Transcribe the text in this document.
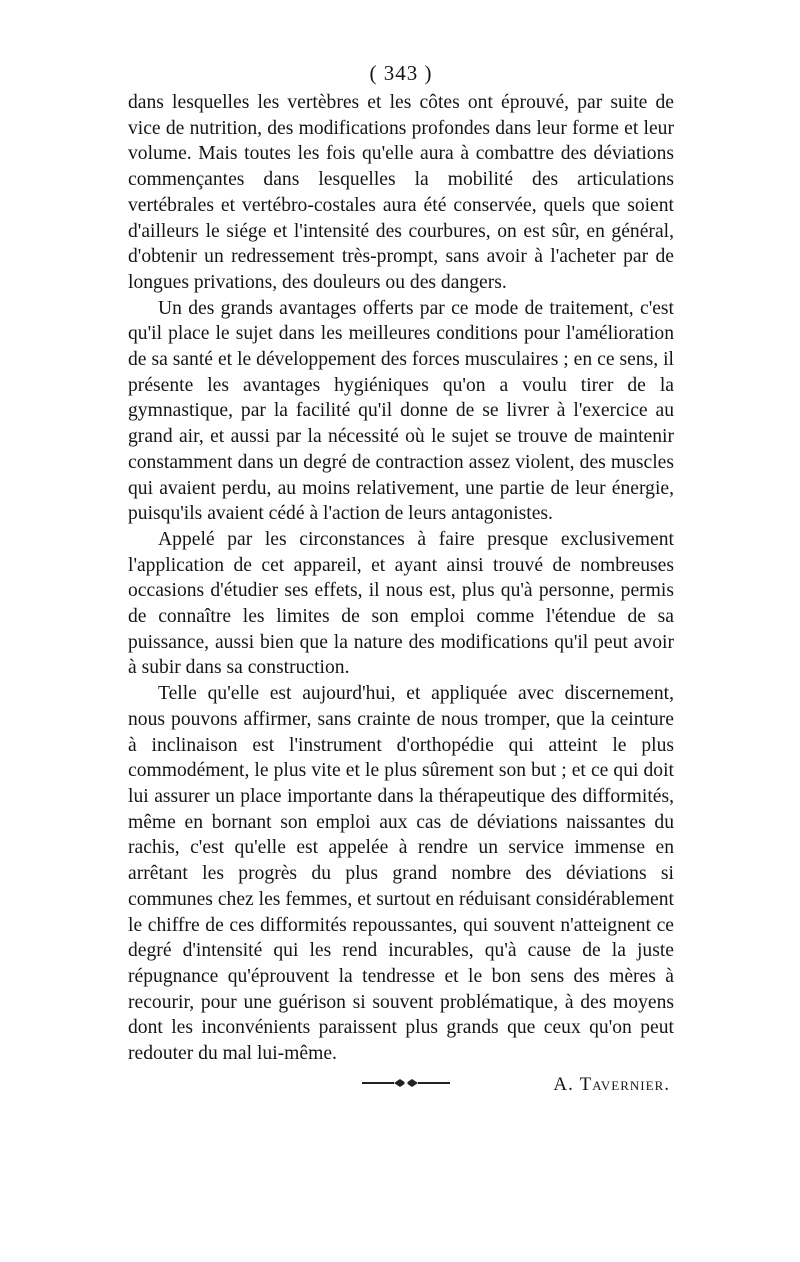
( 343 )

dans lesquelles les vertèbres et les côtes ont éprouvé, par suite de vice de nutrition, des modifications profondes dans leur forme et leur volume. Mais toutes les fois qu'elle aura à combattre des déviations commençantes dans lesquelles la mobilité des articulations vertébrales et vertébro-costales aura été conservée, quels que soient d'ailleurs le siége et l'intensité des courbures, on est sûr, en général, d'obtenir un redressement très-prompt, sans avoir à l'acheter par de longues privations, des douleurs ou des dangers.

Un des grands avantages offerts par ce mode de traitement, c'est qu'il place le sujet dans les meilleures conditions pour l'amélioration de sa santé et le développement des forces musculaires ; en ce sens, il présente les avantages hygiéniques qu'on a voulu tirer de la gymnastique, par la facilité qu'il donne de se livrer à l'exercice au grand air, et aussi par la nécessité où le sujet se trouve de maintenir constamment dans un degré de contraction assez violent, des muscles qui avaient perdu, au moins relativement, une partie de leur énergie, puisqu'ils avaient cédé à l'action de leurs antagonistes.

Appelé par les circonstances à faire presque exclusivement l'application de cet appareil, et ayant ainsi trouvé de nombreuses occasions d'étudier ses effets, il nous est, plus qu'à personne, permis de connaître les limites de son emploi comme l'étendue de sa puissance, aussi bien que la nature des modifications qu'il peut avoir à subir dans sa construction.

Telle qu'elle est aujourd'hui, et appliquée avec discernement, nous pouvons affirmer, sans crainte de nous tromper, que la ceinture à inclinaison est l'instrument d'orthopédie qui atteint le plus commodément, le plus vite et le plus sûrement son but ; et ce qui doit lui assurer un place importante dans la thérapeutique des difformités, même en bornant son emploi aux cas de déviations naissantes du rachis, c'est qu'elle est appelée à rendre un service immense en arrêtant les progrès du plus grand nombre des déviations si communes chez les femmes, et surtout en réduisant considérablement le chiffre de ces difformités repoussantes, qui souvent n'atteignent ce degré d'intensité qui les rend incurables, qu'à cause de la juste répugnance qu'éprouvent la tendresse et le bon sens des mères à recourir, pour une guérison si souvent problématique, à des moyens dont les inconvénients paraissent plus grands que ceux qu'on peut redouter du mal lui-même.

A. Tavernier.
